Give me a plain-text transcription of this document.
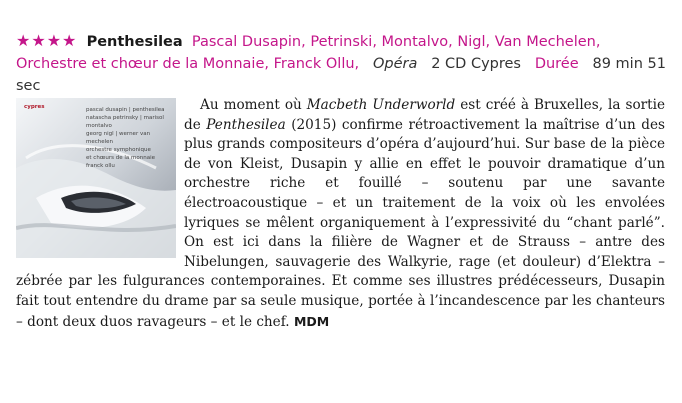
★★★★ Penthesilea Pascal Dusapin, Petrinski, Montalvo, Nigl, Van Mechelen, Orchestre et chœur de la Monnaie, Franck Ollu, Opéra 2 CD Cypres Durée 89 min 51 sec
cypres	pascal dusapin | penthesilea
natascha petrinsky | marisol montalvo
georg nigl | werner van mechelen
orchestre symphonique
et chœurs de la monnaie
franck ollu
Au moment où Macbeth Underworld est créé à Bruxelles, la sortie de Penthesilea (2015) confirme rétroactivement la maîtrise d’un des plus grands compositeurs d’opéra d’aujourd’hui. Sur base de la pièce de von Kleist, Dusapin y allie en effet le pouvoir dramatique d’un orchestre riche et fouillé – soutenu par une savante électroacoustique – et un traitement de la voix où les envolées lyriques se mêlent organiquement à l’expressivité du “chant parlé”. On est ici dans la filière de Wagner et de Strauss – antre des Nibelungen, sauvagerie des Walkyrie, rage (et douleur) d’Elektra – zébrée par les fulgurances contemporaines. Et comme ses illustres prédécesseurs, Dusapin fait tout entendre du drame par sa seule musique, portée à l’incandescence par les chanteurs – dont deux duos ravageurs – et le chef. MDM
